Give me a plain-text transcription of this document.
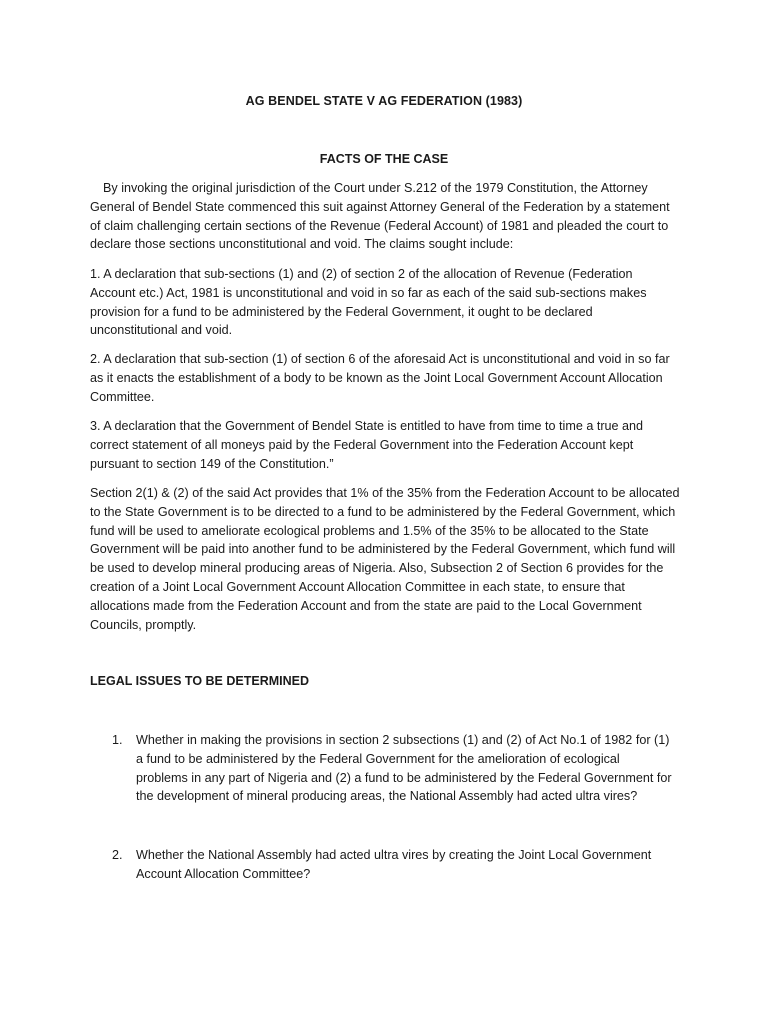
AG BENDEL STATE V AG FEDERATION (1983)
FACTS OF THE CASE

By invoking the original jurisdiction of the Court under S.212 of the 1979 Constitution, the Attorney General of Bendel State commenced this suit against Attorney General of the Federation by a statement of claim challenging certain sections of the Revenue (Federal Account) of 1981 and pleaded the court to declare those sections unconstitutional and void. The claims sought include:

1. A declaration that sub-sections (1) and (2) of section 2 of the allocation of Revenue (Federation Account etc.) Act, 1981 is unconstitutional and void in so far as each of the said sub-sections makes provision for a fund to be administered by the Federal Government, it ought to be declared unconstitutional and void.

2. A declaration that sub-section (1) of section 6 of the aforesaid Act is unconstitutional and void in so far as it enacts the establishment of a body to be known as the Joint Local Government Account Allocation Committee.

3. A declaration that the Government of Bendel State is entitled to have from time to time a true and correct statement of all moneys paid by the Federal Government into the Federation Account kept pursuant to section 149 of the Constitution.”

Section 2(1) & (2) of the said Act provides that 1% of the 35% from the Federation Account to be allocated to the State Government is to be directed to a fund to be administered by the Federal Government, which fund will be used to ameliorate ecological problems and 1.5% of the 35% to be allocated to the State Government will be paid into another fund to be administered by the Federal Government, which fund will be used to develop mineral producing areas of Nigeria. Also, Subsection 2 of Section 6 provides for the creation of a Joint Local Government Account Allocation Committee in each state, to ensure that allocations made from the Federation Account and from the state are paid to the Local Government Councils, promptly.

LEGAL ISSUES TO BE DETERMINED
1.	Whether in making the provisions in section 2 subsections (1) and (2) of Act No.1 of 1982 for (1) a fund to be administered by the Federal Government for the amelioration of ecological problems in any part of Nigeria and (2) a fund to be administered by the Federal Government for the development of mineral producing areas, the National Assembly had acted ultra vires?
2.	Whether the National Assembly had acted ultra vires by creating the Joint Local Government Account Allocation Committee?
